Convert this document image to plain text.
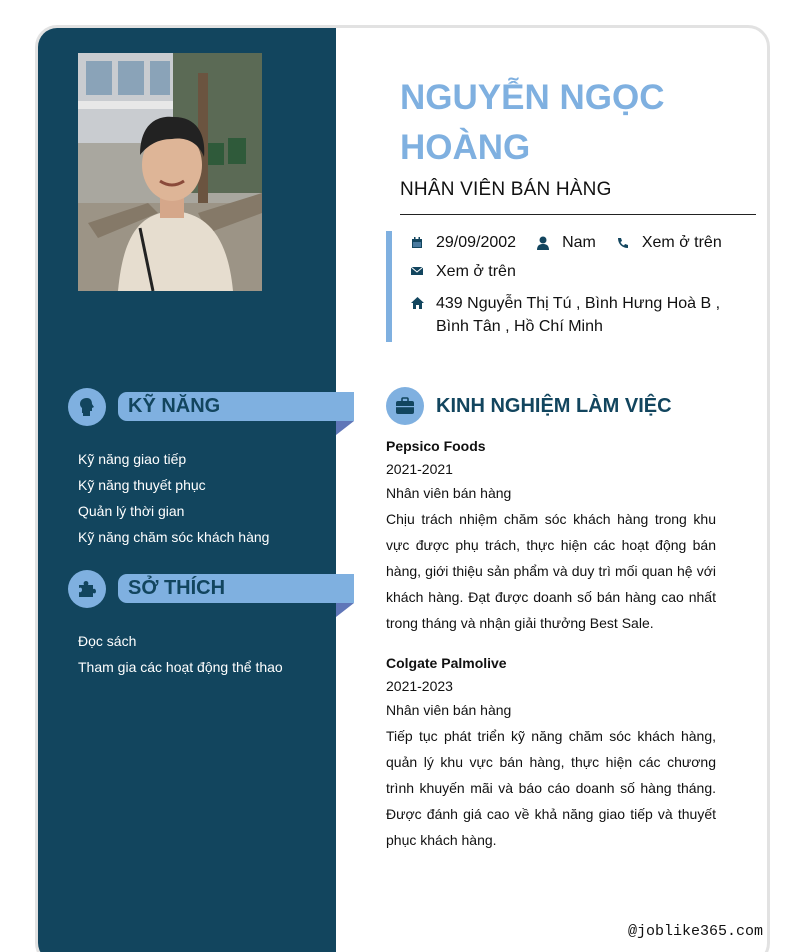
KỸ NĂNG
Kỹ năng giao tiếp
Kỹ năng thuyết phục
Quản lý thời gian
Kỹ năng chăm sóc khách hàng
SỞ THÍCH
Đọc sách
Tham gia các hoạt động thể thao
NGUYỄN NGỌC
HOÀNG
NHÂN VIÊN BÁN HÀNG
29/09/2002	Nam	Xem ở trên
Xem ở trên
439 Nguyễn Thị Tú , Bình Hưng Hoà B , Bình Tân , Hồ Chí Minh
KINH NGHIỆM LÀM VIỆC
Pepsico Foods
2021-2021
Nhân viên bán hàng
Chịu trách nhiệm chăm sóc khách hàng trong khu vực được phụ trách, thực hiện các hoạt động bán hàng, giới thiệu sản phẩm và duy trì mối quan hệ với khách hàng. Đạt được doanh số bán hàng cao nhất trong tháng và nhận giải thưởng Best Sale.
Colgate Palmolive
2021-2023
Nhân viên bán hàng
Tiếp tục phát triển kỹ năng chăm sóc khách hàng, quản lý khu vực bán hàng, thực hiện các chương trình khuyến mãi và báo cáo doanh số hàng tháng. Được đánh giá cao về khả năng giao tiếp và thuyết phục khách hàng.
@joblike365.com
